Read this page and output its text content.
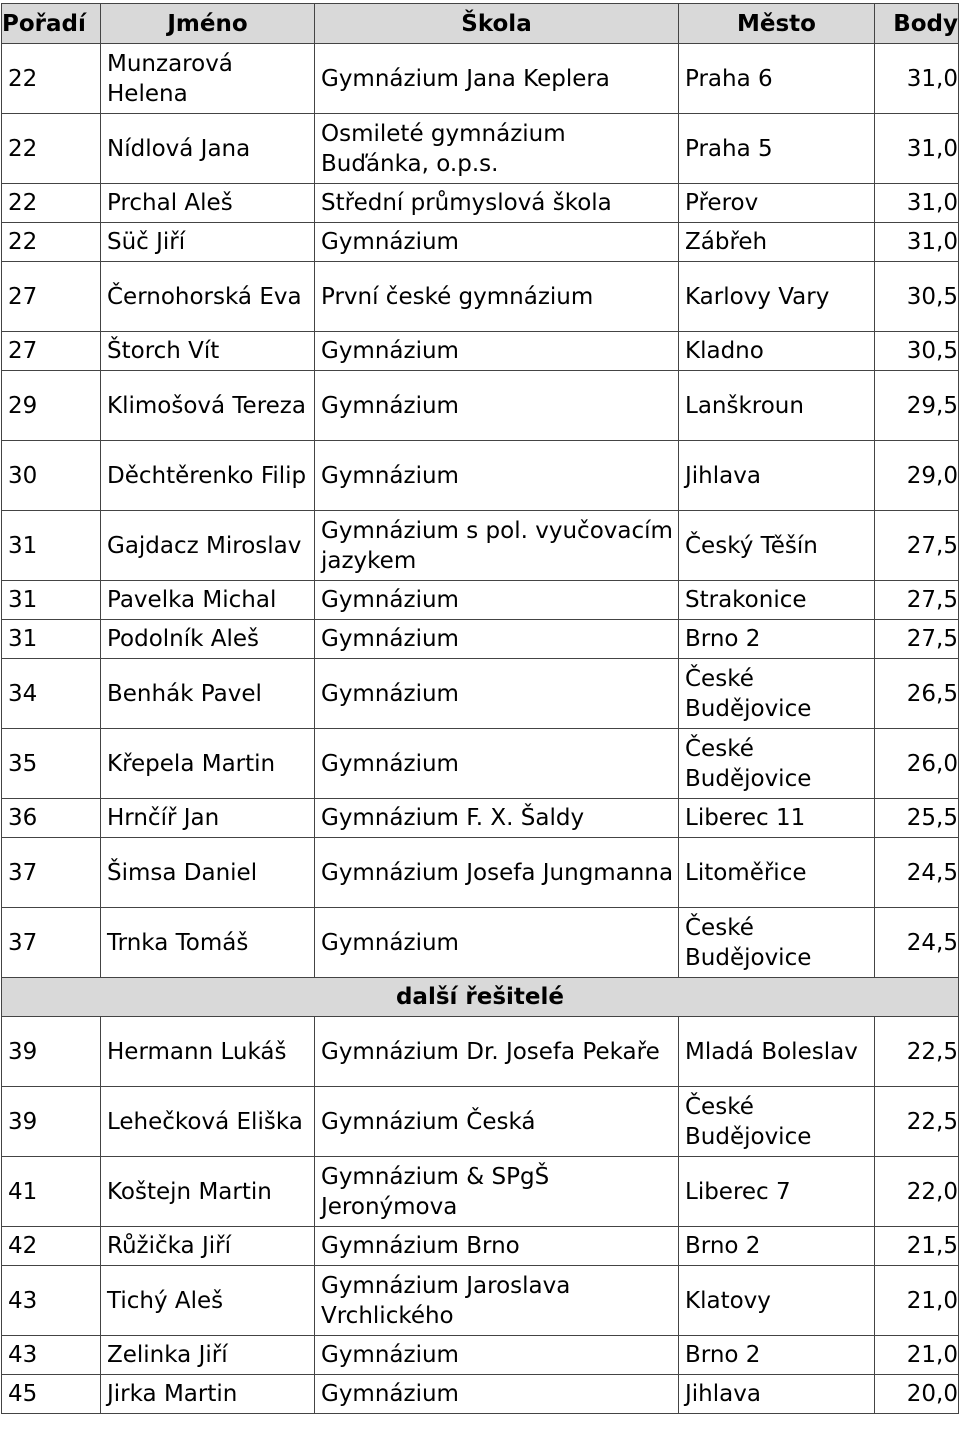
Pořadí	Jméno	Škola	Město	Body
22	Munzarová Helena	Gymnázium Jana Keplera	Praha 6	31,0
22	Nídlová Jana	Osmileté gymnázium Buďánka, o.p.s.	Praha 5	31,0
22	Prchal Aleš	Střední průmyslová škola	Přerov	31,0
22	Süč Jiří	Gymnázium	Zábřeh	31,0
27	Černohorská Eva	První české gymnázium	Karlovy Vary	30,5
27	Štorch Vít	Gymnázium	Kladno	30,5
29	Klimošová Tereza	Gymnázium	Lanškroun	29,5
30	Děchtěrenko Filip	Gymnázium	Jihlava	29,0
31	Gajdacz Miroslav	Gymnázium s pol. vyučovacím jazykem	Český Těšín	27,5
31	Pavelka Michal	Gymnázium	Strakonice	27,5
31	Podolník Aleš	Gymnázium	Brno 2	27,5
34	Benhák Pavel	Gymnázium	České Budějovice	26,5
35	Křepela Martin	Gymnázium	České Budějovice	26,0
36	Hrnčíř Jan	Gymnázium F. X. Šaldy	Liberec 11	25,5
37	Šimsa Daniel	Gymnázium Josefa Jungmanna	Litoměřice	24,5
37	Trnka Tomáš	Gymnázium	České Budějovice	24,5
další řešitelé				
39	Hermann Lukáš	Gymnázium Dr. Josefa Pekaře	Mladá Boleslav	22,5
39	Lehečková Eliška	Gymnázium Česká	České Budějovice	22,5
41	Koštejn Martin	Gymnázium & SPgŠ Jeronýmova	Liberec 7	22,0
42	Růžička Jiří	Gymnázium Brno	Brno 2	21,5
43	Tichý Aleš	Gymnázium Jaroslava Vrchlického	Klatovy	21,0
43	Zelinka Jiří	Gymnázium	Brno 2	21,0
45	Jirka Martin	Gymnázium	Jihlava	20,0
